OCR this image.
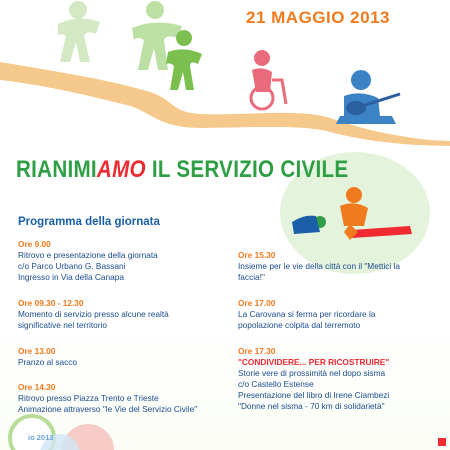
21 MAGGIO 2013
RIANIMIAMO IL SERVIZIO CIVILE
Programma della giornata
Ore 9.00
Ritrovo e presentazione della giornata
c/o Parco Urbano G. Bassani
Ingresso in Via della Canapa
Ore 09.30 - 12.30
Momento di servizio presso alcune realtà
significative nel territorio
Ore 13.00
Pranzo al sacco
Ore 14.30
Ritrovo presso Piazza Trento e Trieste
Animazione attraverso "le Vie del Servizio Civile"
Ore 15.30
Insieme per le vie della città con il "Mettici la
faccia!"
Ore 17.00
La Carovana si ferma per ricordare la
popolazione colpita dal terremoto
Ore 17.30
"CONDIVIDERE... PER RICOSTRUIRE"
Storie vere di prossimità nel dopo sisma
c/o Castello Estense
Presentazione del libro di Irene Ciambezi
"Donne nel sisma - 70 km di solidarietà"
io 2013
